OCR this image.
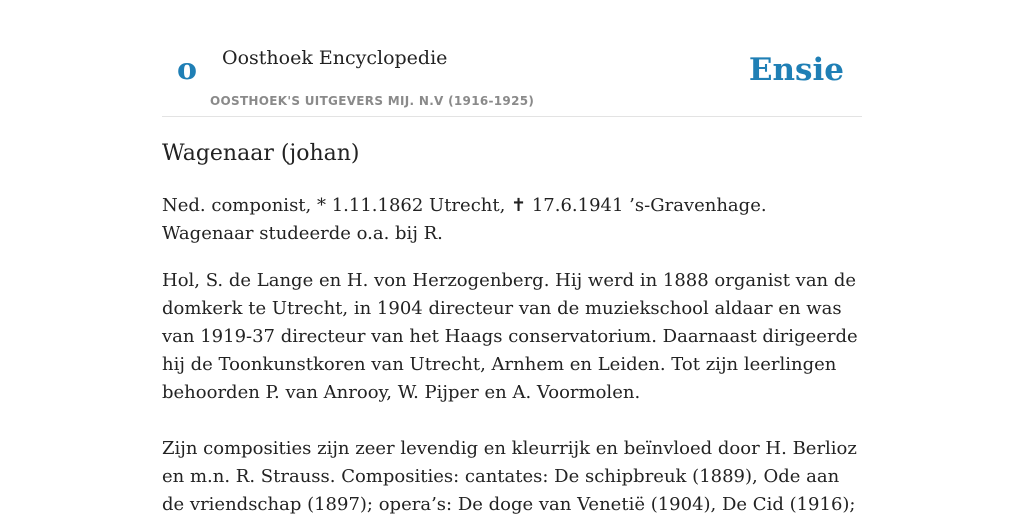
o Oosthoek Encyclopedie
OOSTHOEK'S UITGEVERS MIJ. N.V (1916-1925)
Ensie
Wagenaar (johan)

Ned. componist, * 1.11.1862 Utrecht, ✝ 17.6.1941 ’s-Gravenhage. Wagenaar studeerde o.a. bij R.

Hol, S. de Lange en H. von Herzogenberg. Hij werd in 1888 organist van de domkerk te Utrecht, in 1904 directeur van de muziekschool aldaar en was van 1919-37 directeur van het Haags conservatorium. Daarnaast dirigeerde hij de Toonkunstkoren van Utrecht, Arnhem en Leiden. Tot zijn leerlingen behoorden P. van Anrooy, W. Pijper en A. Voormolen.

Zijn composities zijn zeer levendig en kleurrijk en beïnvloed door H. Berlioz en m.n. R. Strauss. Composities: cantates: De schipbreuk (1889), Ode aan de vriendschap (1897); opera’s: De doge van Venetië (1904), De Cid (1916);
